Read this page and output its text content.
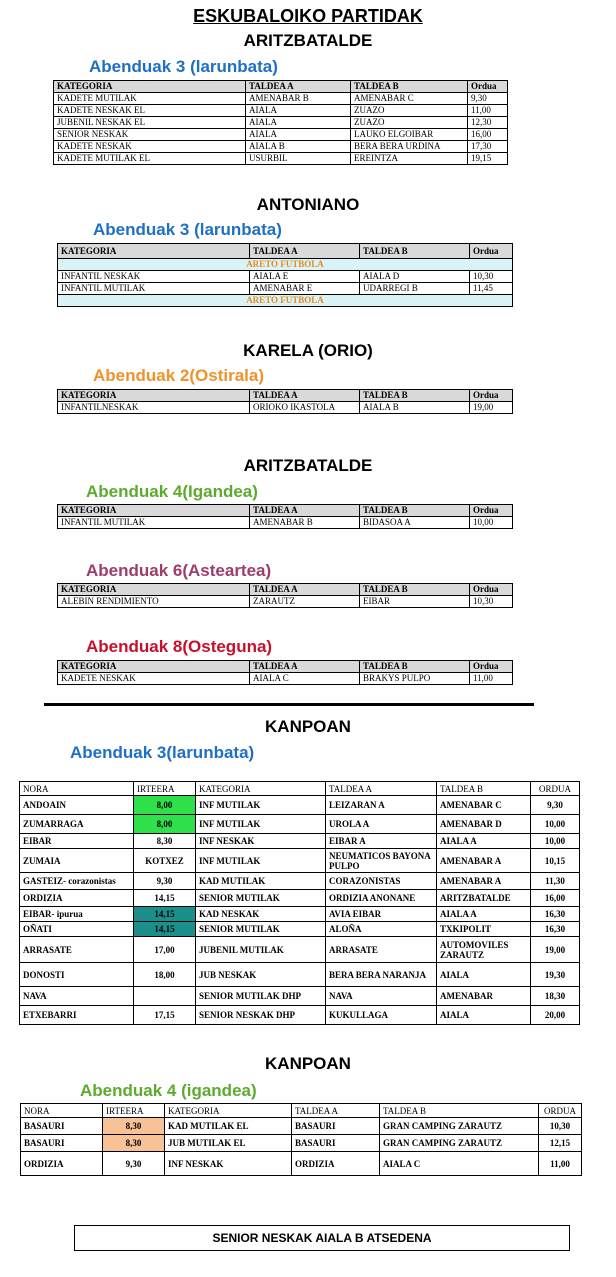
ESKUBALOIKO PARTIDAK
ARITZBATALDE
Abenduak 3 (larunbata)
KATEGORIA	TALDEA A	TALDEA B	Ordua
KADETE MUTILAK	AMENABAR B	AMENABAR C	9,30
KADETE NESKAK EL	AIALA	ZUAZO	11,00
JUBENIL NESKAK EL	AIALA	ZUAZO	12,30
SENIOR NESKAK	AIALA	LAUKO ELGOIBAR	16,00
KADETE NESKAK	AIALA B	BERA BERA URDINA	17,30
KADETE MUTILAK EL	USURBIL	EREINTZA	19,15
ANTONIANO
Abenduak 3 (larunbata)
KATEGORIA	TALDEA A	TALDEA B	Ordua
ARETO FUTBOLA			
INFANTIL NESKAK	AIALA E	AIALA D	10,30
INFANTIL MUTILAK	AMENABAR E	UDARREGI B	11,45
ARETO FUTBOLA			
KARELA (ORIO)
Abenduak 2(Ostirala)
KATEGORIA	TALDEA A	TALDEA B	Ordua
INFANTILNESKAK	ORIOKO IKASTOLA	AIALA B	19,00
ARITZBATALDE
Abenduak 4(Igandea)
KATEGORIA	TALDEA A	TALDEA B	Ordua
INFANTIL MUTILAK	AMENABAR B	BIDASOA A	10,00
Abenduak 6(Asteartea)
KATEGORIA	TALDEA A	TALDEA B	Ordua
ALEBIN RENDIMIENTO	ZARAUTZ	EIBAR	10,30
Abenduak 8(Osteguna)
KATEGORIA	TALDEA A	TALDEA B	Ordua
KADETE NESKAK	AIALA C	BRAKYS PULPO	11,00
KANPOAN
Abenduak 3(larunbata)
NORA	IRTEERA	KATEGORIA	TALDEA A	TALDEA B	ORDUA
ANDOAIN	8,00	INF MUTILAK	LEIZARAN A	AMENABAR C	9,30
ZUMARRAGA	8,00	INF MUTILAK	UROLA A	AMENABAR D	10,00
EIBAR	8,30	INF NESKAK	EIBAR A	AIALA A	10,00
ZUMAIA	KOTXEZ	INF MUTILAK	NEUMATICOS BAYONA PULPO	AMENABAR A	10,15
GASTEIZ- corazonistas	9,30	KAD MUTILAK	CORAZONISTAS	AMENABAR A	11,30
ORDIZIA	14,15	SENIOR MUTILAK	ORDIZIA ANONANE	ARITZBATALDE	16,00
EIBAR- ipurua	14,15	KAD NESKAK	AVIA EIBAR	AIALA A	16,30
OÑATI	14,15	SENIOR MUTILAK	ALOÑA	TXKIPOLIT	16,30
ARRASATE	17,00	JUBENIL MUTILAK	ARRASATE	AUTOMOVILES ZARAUTZ	19,00
DONOSTI	18,00	JUB NESKAK	BERA BERA NARANJA	AIALA	19,30
NAVA		SENIOR MUTILAK DHP	NAVA	AMENABAR	18,30
ETXEBARRI	17,15	SENIOR NESKAK DHP	KUKULLAGA	AIALA	20,00
KANPOAN
Abenduak 4 (igandea)
NORA	IRTEERA	KATEGORIA	TALDEA A	TALDEA B	ORDUA
BASAURI	8,30	KAD MUTILAK EL	BASAURI	GRAN CAMPING ZARAUTZ	10,30
BASAURI	8,30	JUB MUTILAK EL	BASAURI	GRAN CAMPING ZARAUTZ	12,15
ORDIZIA	9,30	INF NESKAK	ORDIZIA	AIALA C	11,00
SENIOR NESKAK AIALA B ATSEDENA
